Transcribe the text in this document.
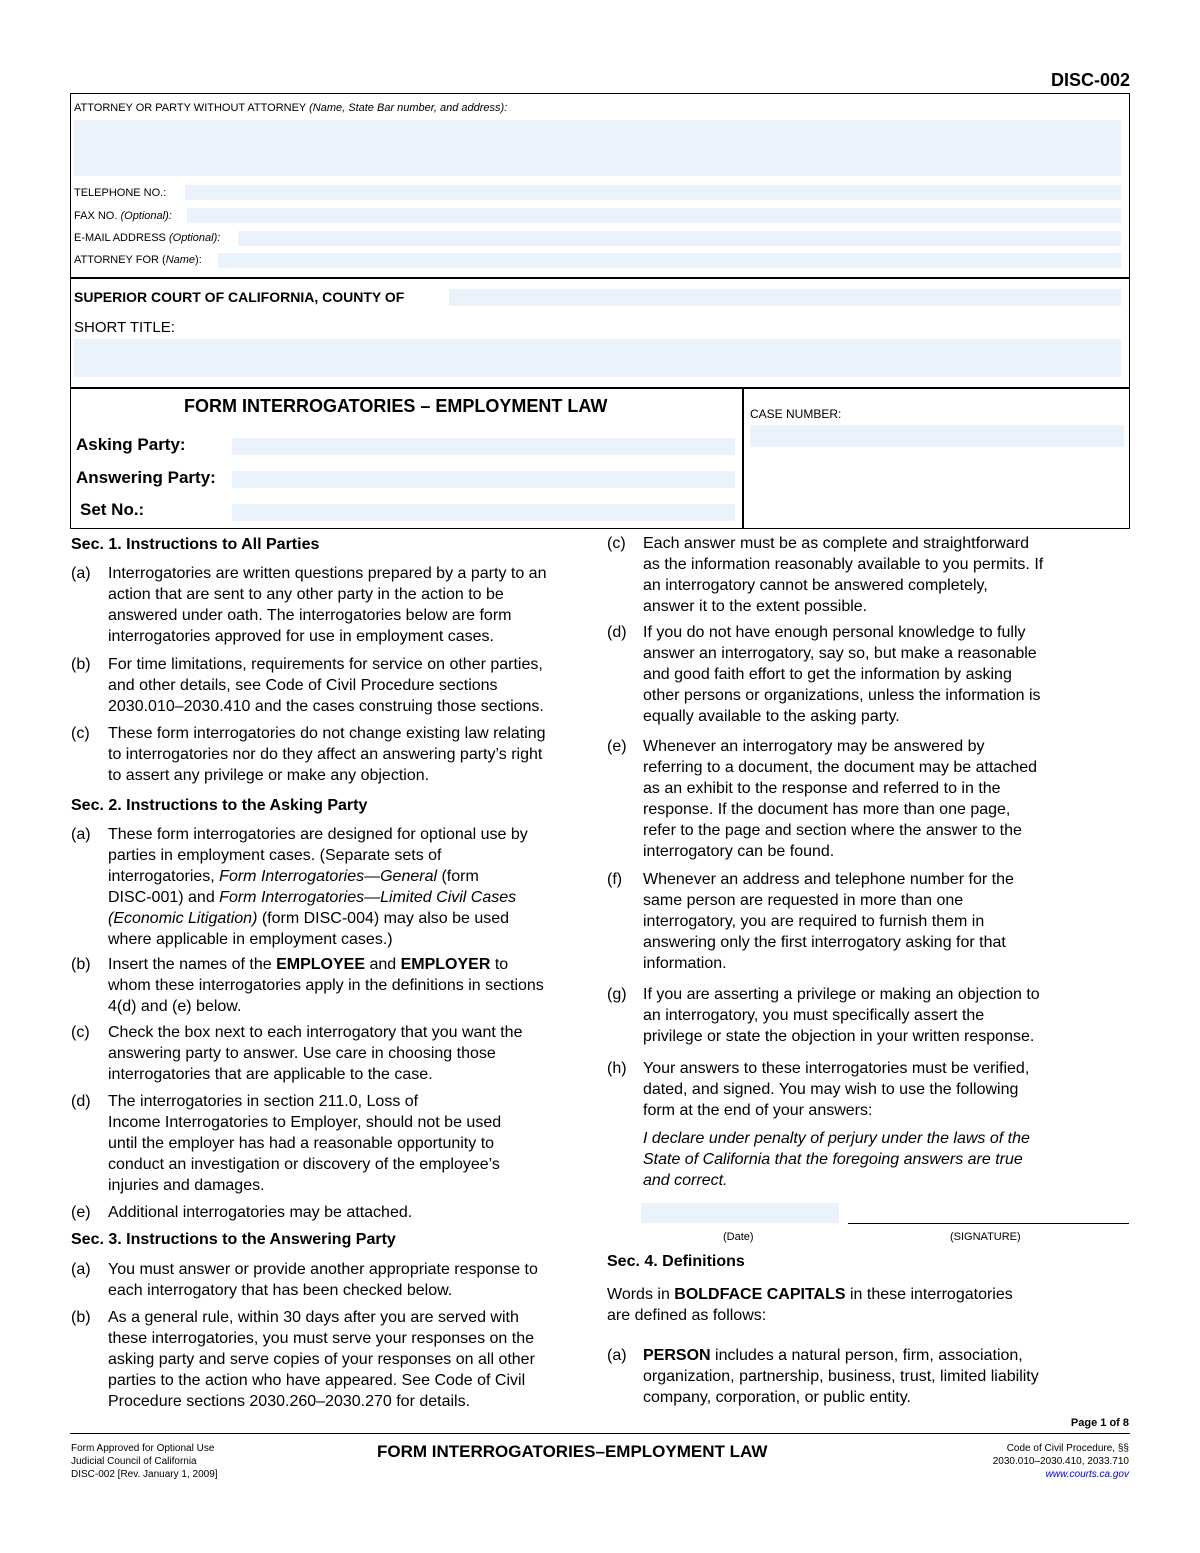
DISC-002
ATTORNEY OR PARTY WITHOUT ATTORNEY (Name, State Bar number, and address):
TELEPHONE NO.:
FAX NO. (Optional):
E-MAIL ADDRESS (Optional):
ATTORNEY FOR (Name):
SUPERIOR COURT OF CALIFORNIA, COUNTY OF
SHORT TITLE:
FORM INTERROGATORIES – EMPLOYMENT LAW	CASE NUMBER:
Asking Party:
Answering Party:
Set No.:
Sec. 1. Instructions to All Parties
(a) Interrogatories are written questions prepared by a party to an
action that are sent to any other party in the action to be
answered under oath. The interrogatories below are form
interrogatories approved for use in employment cases.
(b) For time limitations, requirements for service on other parties,
and other details, see Code of Civil Procedure sections
2030.010–2030.410 and the cases construing those sections.
(c) These form interrogatories do not change existing law relating
to interrogatories nor do they affect an answering party’s right
to assert any privilege or make any objection.
Sec. 2. Instructions to the Asking Party
(a) These form interrogatories are designed for optional use by
parties in employment cases. (Separate sets of
interrogatories, Form Interrogatories—General (form
DISC-001) and Form Interrogatories—Limited Civil Cases
(Economic Litigation) (form DISC-004) may also be used
where applicable in employment cases.)
(b) Insert the names of the EMPLOYEE and EMPLOYER to
whom these interrogatories apply in the definitions in sections
4(d) and (e) below.
(c) Check the box next to each interrogatory that you want the
answering party to answer. Use care in choosing those
interrogatories that are applicable to the case.
(d) The interrogatories in section 211.0, Loss of
Income Interrogatories to Employer, should not be used
until the employer has had a reasonable opportunity to
conduct an investigation or discovery of the employee’s
injuries and damages.
(e) Additional interrogatories may be attached.
Sec. 3. Instructions to the Answering Party
(a) You must answer or provide another appropriate response to
each interrogatory that has been checked below.
(b) As a general rule, within 30 days after you are served with
these interrogatories, you must serve your responses on the
asking party and serve copies of your responses on all other
parties to the action who have appeared. See Code of Civil
Procedure sections 2030.260–2030.270 for details.
(c) Each answer must be as complete and straightforward
as the information reasonably available to you permits. If
an interrogatory cannot be answered completely,
answer it to the extent possible.
(d) If you do not have enough personal knowledge to fully
answer an interrogatory, say so, but make a reasonable
and good faith effort to get the information by asking
other persons or organizations, unless the information is
equally available to the asking party.
(e) Whenever an interrogatory may be answered by
referring to a document, the document may be attached
as an exhibit to the response and referred to in the
response. If the document has more than one page,
refer to the page and section where the answer to the
interrogatory can be found.
(f) Whenever an address and telephone number for the
same person are requested in more than one
interrogatory, you are required to furnish them in
answering only the first interrogatory asking for that
information.
(g) If you are asserting a privilege or making an objection to
an interrogatory, you must specifically assert the
privilege or state the objection in your written response.
(h) Your answers to these interrogatories must be verified,
dated, and signed. You may wish to use the following
form at the end of your answers:
I declare under penalty of perjury under the laws of the
State of California that the foregoing answers are true
and correct.
(Date)	(SIGNATURE)
Sec. 4. Definitions
Words in BOLDFACE CAPITALS in these interrogatories
are defined as follows:
(a) PERSON includes a natural person, firm, association,
organization, partnership, business, trust, limited liability
company, corporation, or public entity.
Page 1 of 8
Form Approved for Optional Use
Judicial Council of California
DISC-002 [Rev. January 1, 2009]
FORM INTERROGATORIES–EMPLOYMENT LAW	Code of Civil Procedure, §§
2030.010–2030.410, 2033.710
www.courts.ca.gov
